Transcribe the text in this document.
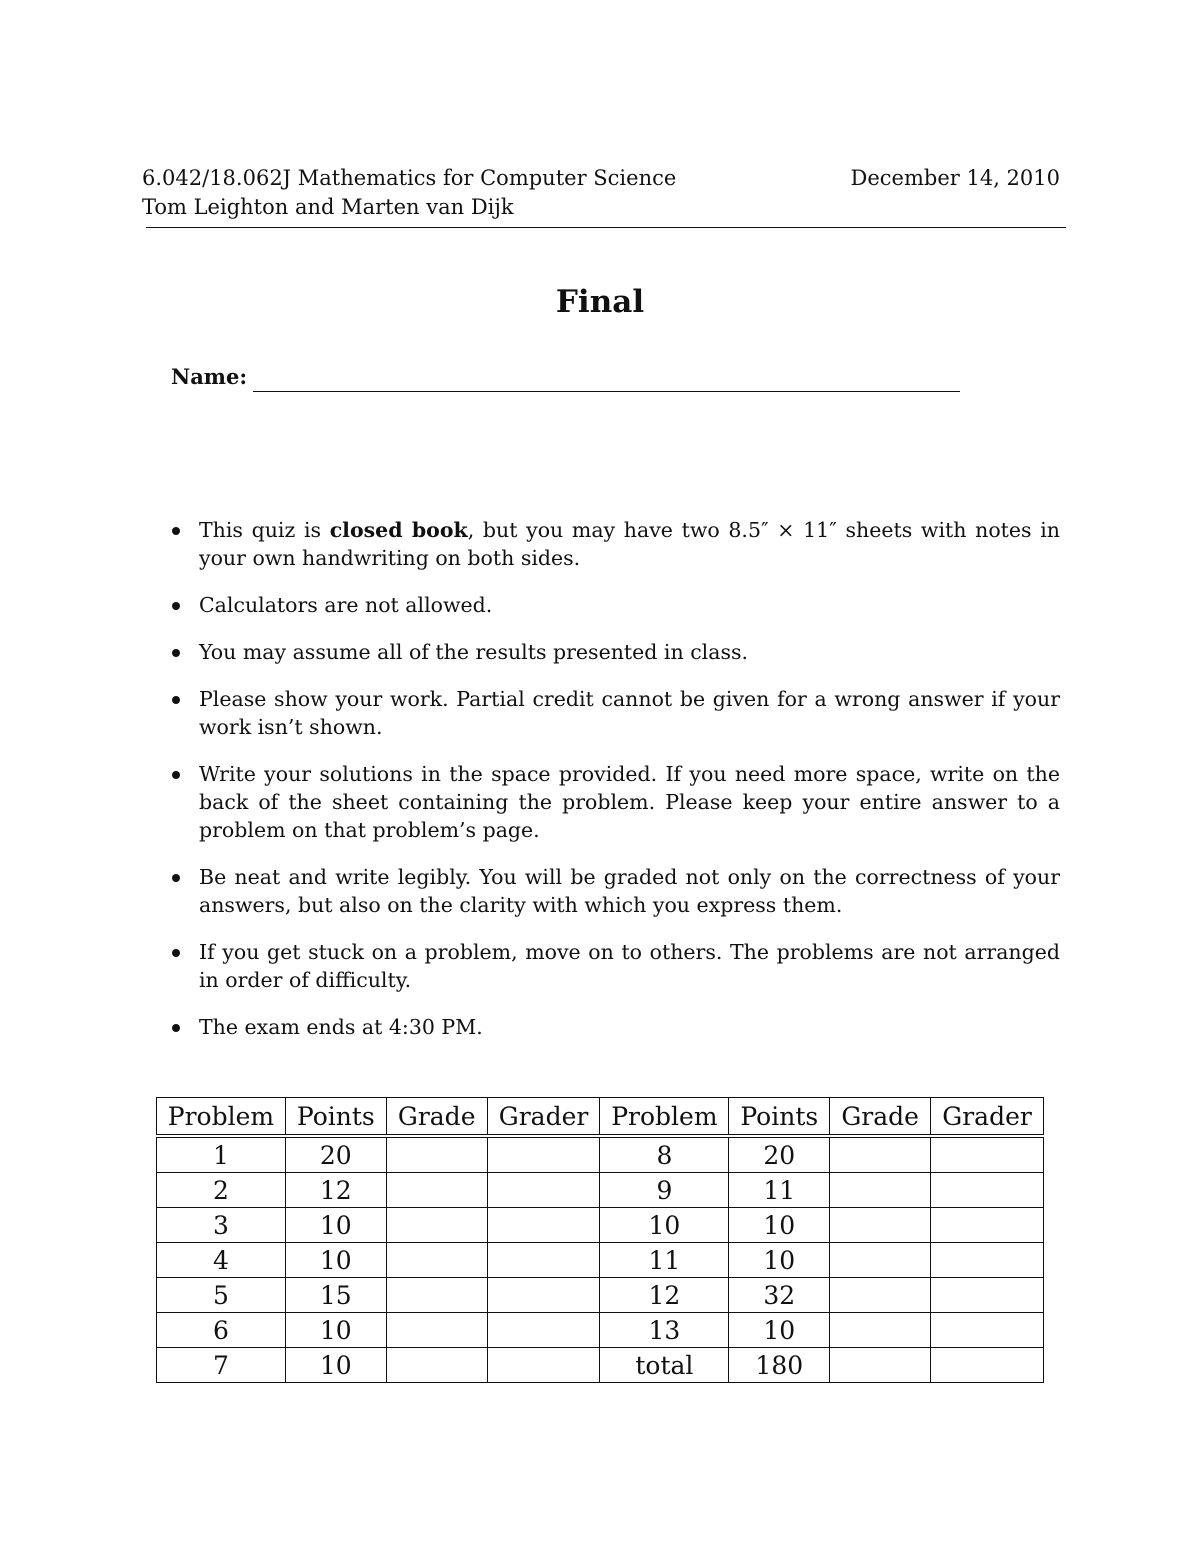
6.042/18.062J Mathematics for Computer Science	December 14, 2010
Tom Leighton and Marten van Dijk
Final
Name:
This quiz is closed book, but you may have two 8.5″ × 11″ sheets with notes in your own handwriting on both sides.
Calculators are not allowed.
You may assume all of the results presented in class.
Please show your work. Partial credit cannot be given for a wrong answer if your work isn’t shown.
Write your solutions in the space provided. If you need more space, write on the back of the sheet containing the problem. Please keep your entire answer to a problem on that problem’s page.
Be neat and write legibly. You will be graded not only on the correctness of your answers, but also on the clarity with which you express them.
If you get stuck on a problem, move on to others. The problems are not arranged in order of difficulty.
The exam ends at 4:30 PM.
Problem	Points	Grade	Grader	Problem	Points	Grade	Grader
1	20			8	20		
2	12			9	11		
3	10			10	10		
4	10			11	10		
5	15			12	32		
6	10			13	10		
7	10			total	180		
